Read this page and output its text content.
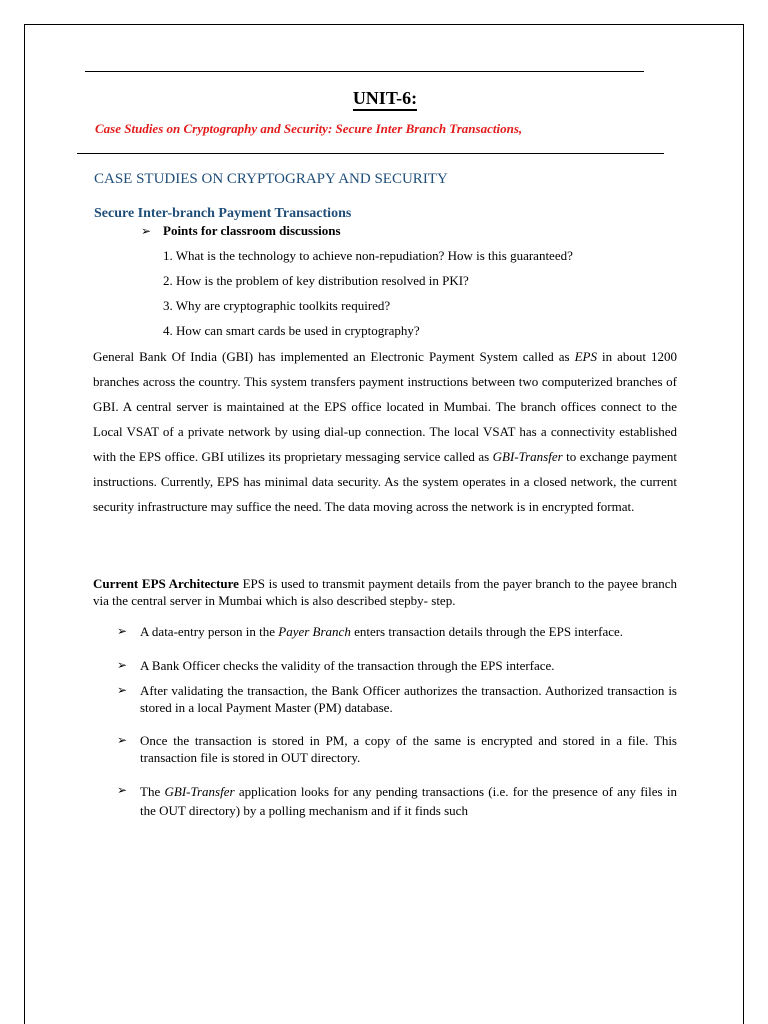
UNIT-6:
Case Studies on Cryptography and Security: Secure Inter Branch Transactions,
CASE STUDIES ON CRYPTOGRAPY AND SECURITY
Secure Inter-branch Payment Transactions
➢ Points for classroom discussions
1. What is the technology to achieve non-repudiation? How is this guaranteed?
2. How is the problem of key distribution resolved in PKI?
3. Why are cryptographic toolkits required?
4. How can smart cards be used in cryptography?
General Bank Of India (GBI) has implemented an Electronic Payment System called as EPS in about 1200 branches across the country. This system transfers payment instructions between two computerized branches of GBI. A central server is maintained at the EPS office located in Mumbai. The branch offices connect to the Local VSAT of a private network by using dial-up connection. The local VSAT has a connectivity established with the EPS office. GBI utilizes its proprietary messaging service called as GBI-Transfer to exchange payment instructions. Currently, EPS has minimal data security. As the system operates in a closed network, the current security infrastructure may suffice the need. The data moving across the network is in encrypted format.
Current EPS Architecture EPS is used to transmit payment details from the payer branch to the payee branch via the central server in Mumbai which is also described stepby- step.
➢ A data-entry person in the Payer Branch enters transaction details through the EPS interface.
➢ A Bank Officer checks the validity of the transaction through the EPS interface.
➢ After validating the transaction, the Bank Officer authorizes the transaction. Authorized transaction is stored in a local Payment Master (PM) database.
➢ Once the transaction is stored in PM, a copy of the same is encrypted and stored in a file. This transaction file is stored in OUT directory.
➢ The GBI-Transfer application looks for any pending transactions (i.e. for the presence of any files in the OUT directory) by a polling mechanism and if it finds such
